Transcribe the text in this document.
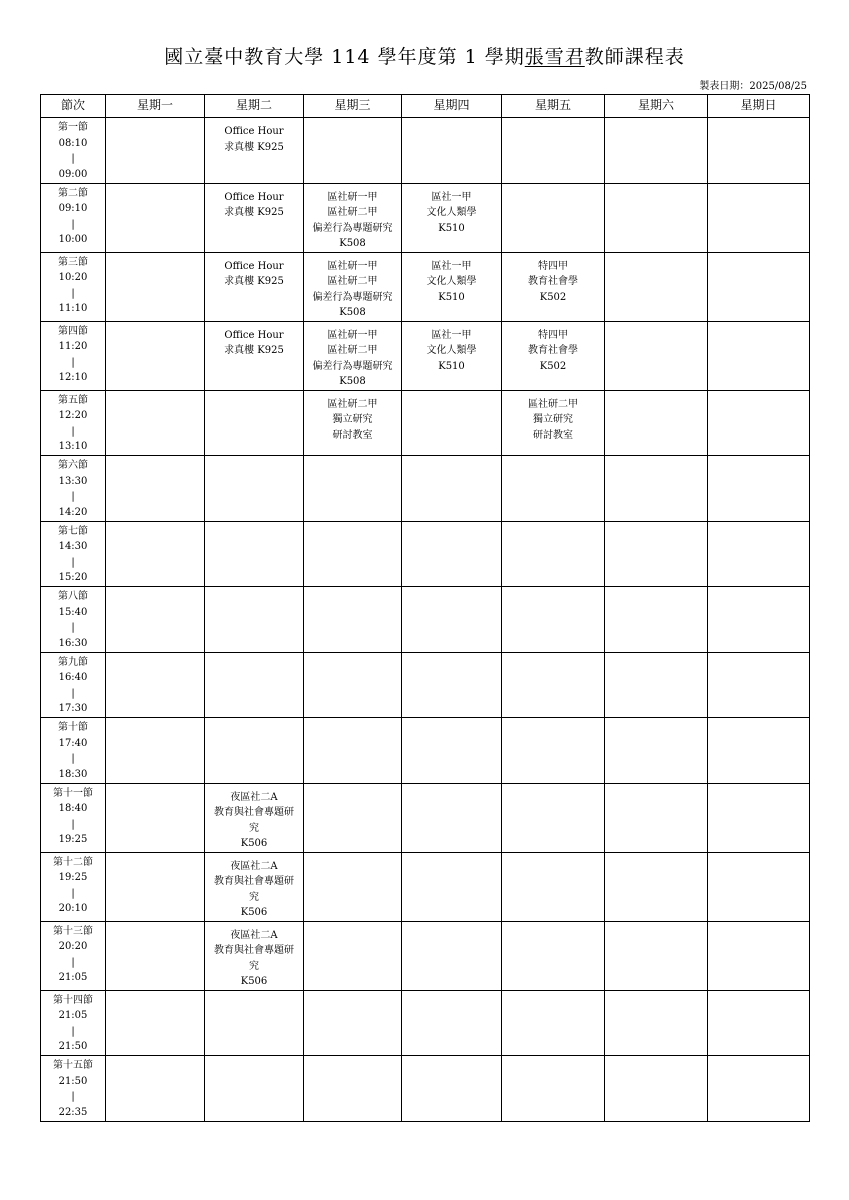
國立臺中教育大學 114 學年度第 1 學期張雪君教師課程表
製表日期：2025/08/25
節次	星期一	星期二	星期三	星期四	星期五	星期六	星期日

第一節
08:10
|
09:00		Office Hour
求真樓 K925					

第二節
09:10
|
10:00		Office Hour
求真樓 K925	區社研一甲
區社研二甲
偏差行為專題研究
K508	區社一甲
文化人類學
K510			

第三節
10:20
|
11:10		Office Hour
求真樓 K925	區社研一甲
區社研二甲
偏差行為專題研究
K508	區社一甲
文化人類學
K510	特四甲
教育社會學
K502		

第四節
11:20
|
12:10		Office Hour
求真樓 K925	區社研一甲
區社研二甲
偏差行為專題研究
K508	區社一甲
文化人類學
K510	特四甲
教育社會學
K502		

第五節
12:20
|
13:10			區社研二甲
獨立研究
研討教室		區社研二甲
獨立研究
研討教室		

第六節
13:30
|
14:20							

第七節
14:30
|
15:20							

第八節
15:40
|
16:30							

第九節
16:40
|
17:30							

第十節
17:40
|
18:30							

第十一節
18:40
|
19:25		夜區社二A
教育與社會專題研究
K506					

第十二節
19:25
|
20:10		夜區社二A
教育與社會專題研究
K506					

第十三節
20:20
|
21:05		夜區社二A
教育與社會專題研究
K506					

第十四節
21:05
|
21:50							

第十五節
21:50
|
22:35							
